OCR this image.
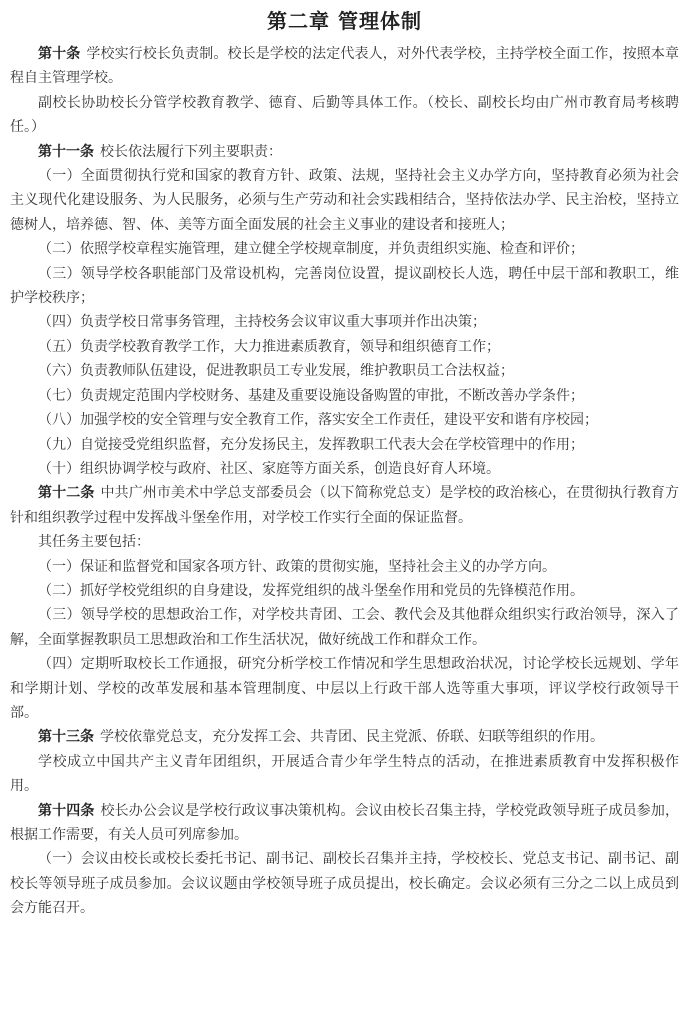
第二章 管理体制

第十条 学校实行校长负责制。校长是学校的法定代表人，对外代表学校，主持学校全面工作，按照本章程自主管理学校。

副校长协助校长分管学校教育教学、德育、后勤等具体工作。（校长、副校长均由广州市教育局考核聘任。）

第十一条 校长依法履行下列主要职责：

（一）全面贯彻执行党和国家的教育方针、政策、法规，坚持社会主义办学方向，坚持教育必须为社会主义现代化建设服务、为人民服务，必须与生产劳动和社会实践相结合，坚持依法办学、民主治校，坚持立德树人，培养德、智、体、美等方面全面发展的社会主义事业的建设者和接班人；

（二）依照学校章程实施管理，建立健全学校规章制度，并负责组织实施、检查和评价；

（三）领导学校各职能部门及常设机构，完善岗位设置，提议副校长人选，聘任中层干部和教职工，维护学校秩序；

（四）负责学校日常事务管理，主持校务会议审议重大事项并作出决策；

（五）负责学校教育教学工作，大力推进素质教育，领导和组织德育工作；

（六）负责教师队伍建设，促进教职员工专业发展，维护教职员工合法权益；

（七）负责规定范围内学校财务、基建及重要设施设备购置的审批，不断改善办学条件；

（八）加强学校的安全管理与安全教育工作，落实安全工作责任，建设平安和谐有序校园；

（九）自觉接受党组织监督，充分发扬民主，发挥教职工代表大会在学校管理中的作用；

（十）组织协调学校与政府、社区、家庭等方面关系，创造良好育人环境。

第十二条 中共广州市美术中学总支部委员会（以下简称党总支）是学校的政治核心，在贯彻执行教育方针和组织教学过程中发挥战斗堡垒作用，对学校工作实行全面的保证监督。

其任务主要包括：

（一）保证和监督党和国家各项方针、政策的贯彻实施，坚持社会主义的办学方向。

（二）抓好学校党组织的自身建设，发挥党组织的战斗堡垒作用和党员的先锋模范作用。

（三）领导学校的思想政治工作，对学校共青团、工会、教代会及其他群众组织实行政治领导，深入了解，全面掌握教职员工思想政治和工作生活状况，做好统战工作和群众工作。

（四）定期听取校长工作通报，研究分析学校工作情况和学生思想政治状况，讨论学校长远规划、学年和学期计划、学校的改革发展和基本管理制度、中层以上行政干部人选等重大事项，评议学校行政领导干部。

第十三条 学校依靠党总支，充分发挥工会、共青团、民主党派、侨联、妇联等组织的作用。

学校成立中国共产主义青年团组织，开展适合青少年学生特点的活动，在推进素质教育中发挥积极作用。

第十四条 校长办公会议是学校行政议事决策机构。会议由校长召集主持，学校党政领导班子成员参加，根据工作需要，有关人员可列席参加。

（一）会议由校长或校长委托书记、副书记、副校长召集并主持，学校校长、党总支书记、副书记、副校长等领导班子成员参加。会议议题由学校领导班子成员提出，校长确定。会议必须有三分之二以上成员到会方能召开。
